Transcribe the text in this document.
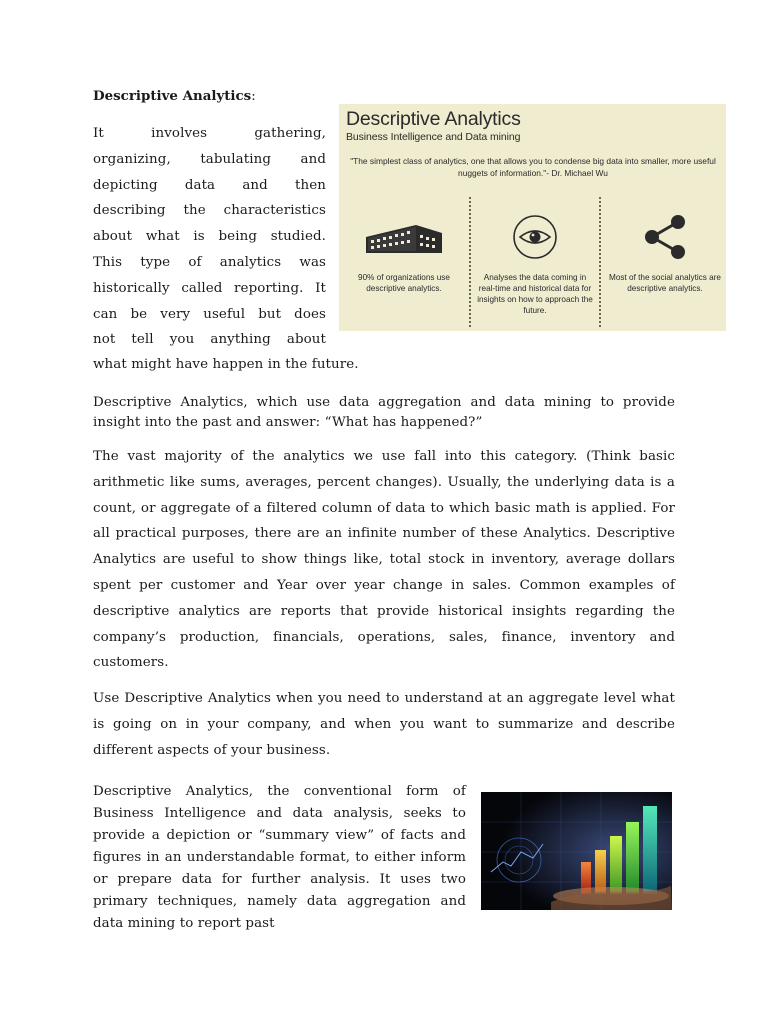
Descriptive Analytics:

It involves gathering,

organizing, tabulating and

depicting data and then

describing the characteristics

about what is being studied.

This type of analytics was

historically called reporting. It

can be very useful but does

not tell you anything about

what might have happen in the future.
Descriptive Analytics
Business Intelligence and Data mining
"The simplest class of analytics, one that allows you to condense big data into smaller, more useful nuggets of information."- Dr. Michael Wu
90% of organizations use descriptive analytics.
Analyses the data coming in real-time and historical data for insights on how to approach the future.
Most of the social analytics are descriptive analytics.
Descriptive Analytics, which use data aggregation and data mining to provide insight into the past and answer: “What has happened?”
The vast majority of the analytics we use fall into this category. (Think basic arithmetic like sums, averages, percent changes). Usually, the underlying data is a count, or aggregate of a filtered column of data to which basic math is applied. For all practical purposes, there are an infinite number of these Analytics. Descriptive Analytics are useful to show things like, total stock in inventory, average dollars spent per customer and Year over year change in sales. Common examples of descriptive analytics are reports that provide historical insights regarding the company’s production, financials, operations, sales, finance, inventory and customers.
Use Descriptive Analytics when you need to understand at an aggregate level what is going on in your company, and when you want to summarize and describe different aspects of your business.
Descriptive Analytics, the conventional form of Business Intelligence and data analysis, seeks to provide a depiction or “summary view” of facts and figures in an understandable format, to either inform or prepare data for further analysis. It uses two primary techniques, namely data aggregation and data mining to report past
